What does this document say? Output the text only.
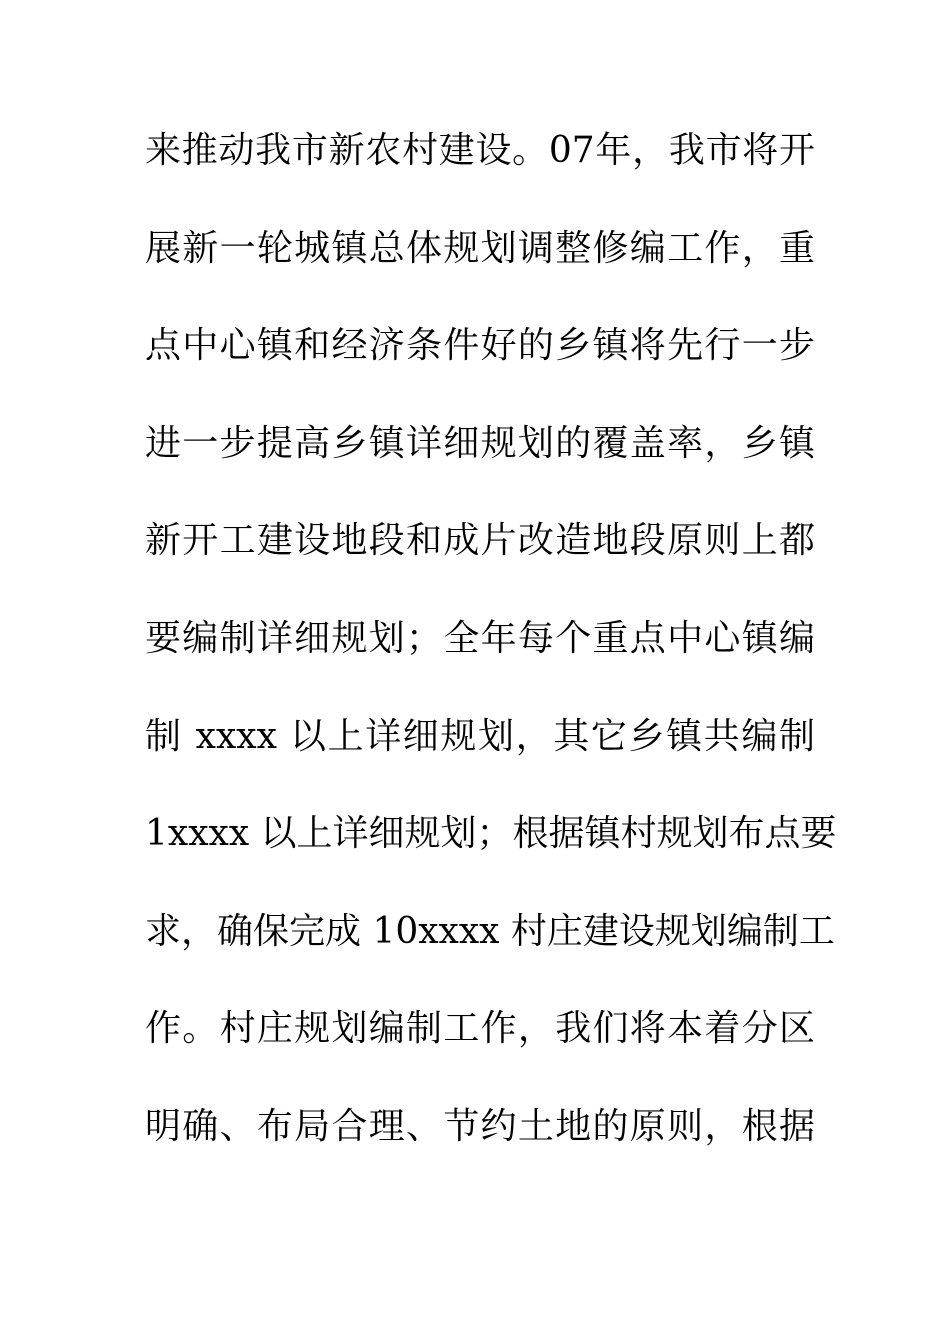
来推动我市新农村建设。07年，我市将开
展新一轮城镇总体规划调整修编工作，重
点中心镇和经济条件好的乡镇将先行一步
进一步提高乡镇详细规划的覆盖率，乡镇
新开工建设地段和成片改造地段原则上都
要编制详细规划；全年每个重点中心镇编
制 xxxx 以上详细规划，其它乡镇共编制
1xxxx 以上详细规划；根据镇村规划布点要
求，确保完成 10xxxx 村庄建设规划编制工
作。村庄规划编制工作，我们将本着分区
明确、布局合理、节约土地的原则，根据
